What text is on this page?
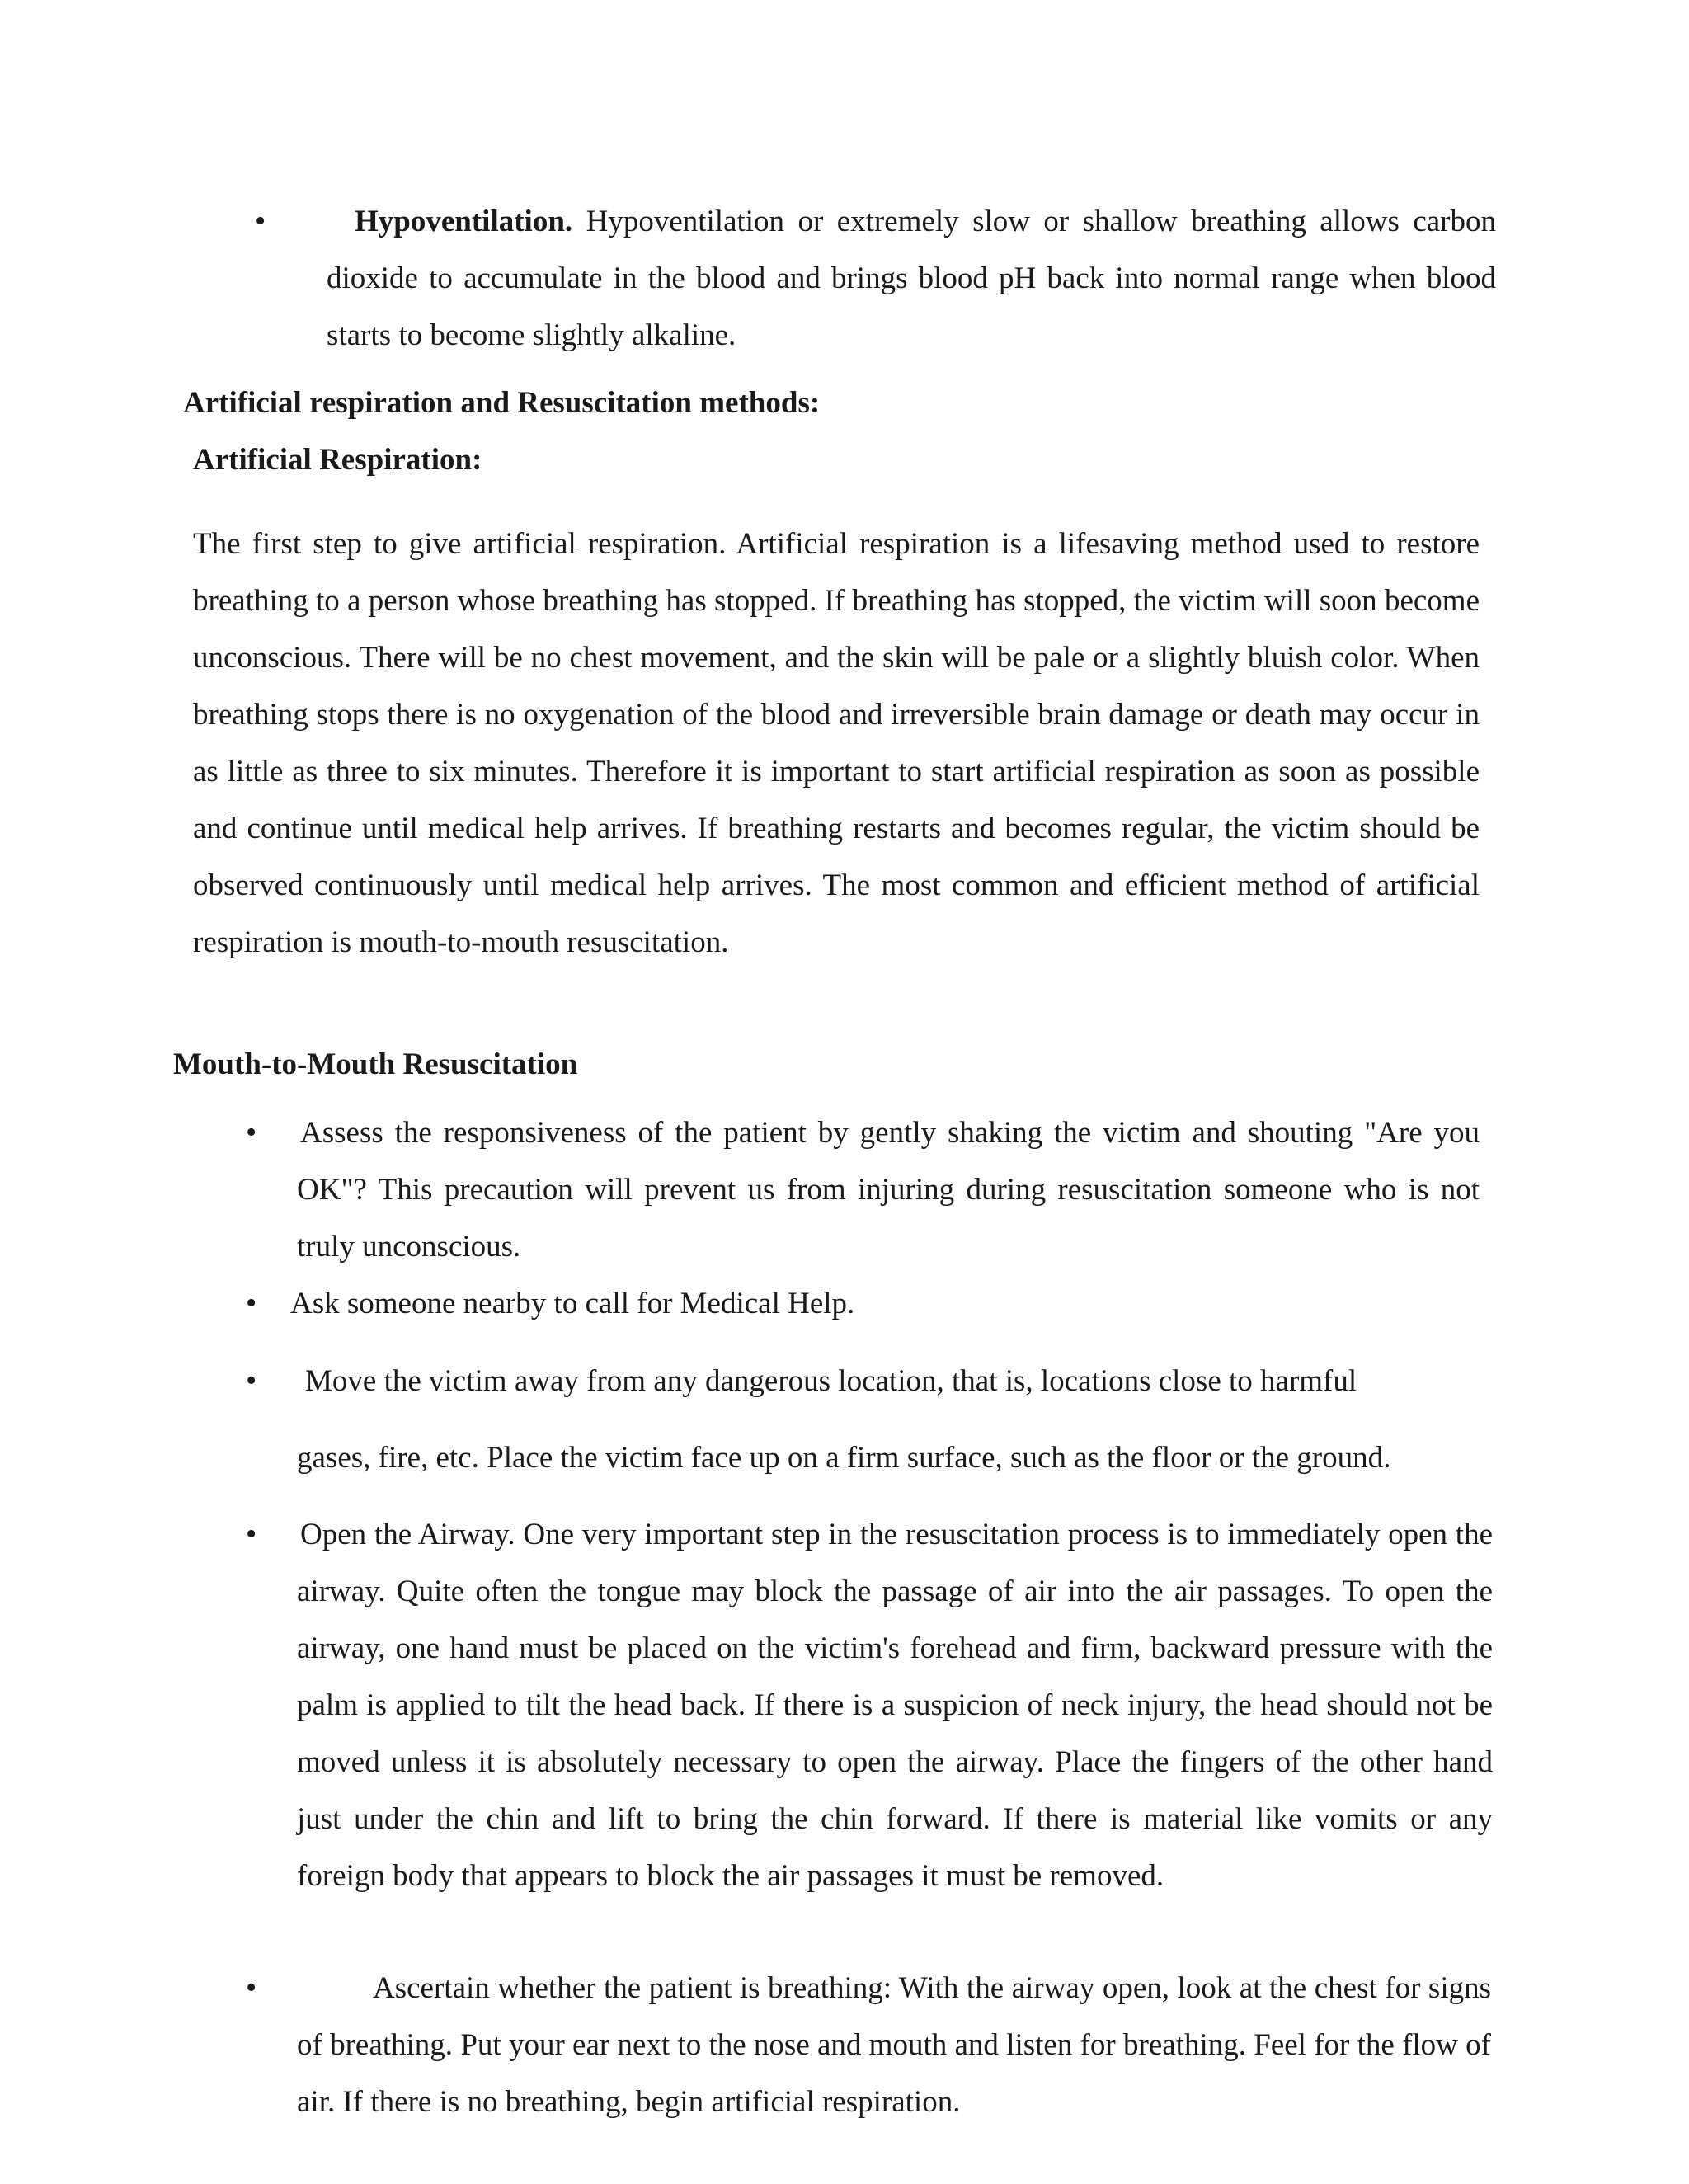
•	Hypoventilation. Hypoventilation or extremely slow or shallow breathing allows carbon dioxide to accumulate in the blood and brings blood pH back into normal range when blood starts to become slightly alkaline.
Artificial respiration and Resuscitation methods:
Artificial Respiration:
The first step to give artificial respiration. Artificial respiration is a lifesaving method used to restore breathing to a person whose breathing has stopped. If breathing has stopped, the victim will soon become unconscious. There will be no chest movement, and the skin will be pale or a slightly bluish color. When breathing stops there is no oxygenation of the blood and irreversible brain damage or death may occur in as little as three to six minutes. Therefore it is important to start artificial respiration as soon as possible and continue until medical help arrives. If breathing restarts and becomes regular, the victim should be observed continuously until medical help arrives. The most common and efficient method of artificial respiration is mouth-to-mouth resuscitation.
Mouth-to-Mouth Resuscitation
• Assess the responsiveness of the patient by gently shaking the victim and shouting "Are you OK"? This precaution will prevent us from injuring during resuscitation someone who is not truly unconscious.
• Ask someone nearby to call for Medical Help.
• Move the victim away from any dangerous location, that is, locations close to harmful
gases, fire, etc. Place the victim face up on a firm surface, such as the floor or the ground.
• Open the Airway. One very important step in the resuscitation process is to immediately open the airway. Quite often the tongue may block the passage of air into the air passages. To open the airway, one hand must be placed on the victim's forehead and firm, backward pressure with the palm is applied to tilt the head back. If there is a suspicion of neck injury, the head should not be moved unless it is absolutely necessary to open the airway. Place the fingers of the other hand just under the chin and lift to bring the chin forward. If there is material like vomits or any foreign body that appears to block the air passages it must be removed.
•	Ascertain whether the patient is breathing: With the airway open, look at the chest for signs of breathing. Put your ear next to the nose and mouth and listen for breathing. Feel for the flow of air. If there is no breathing, begin artificial respiration.
